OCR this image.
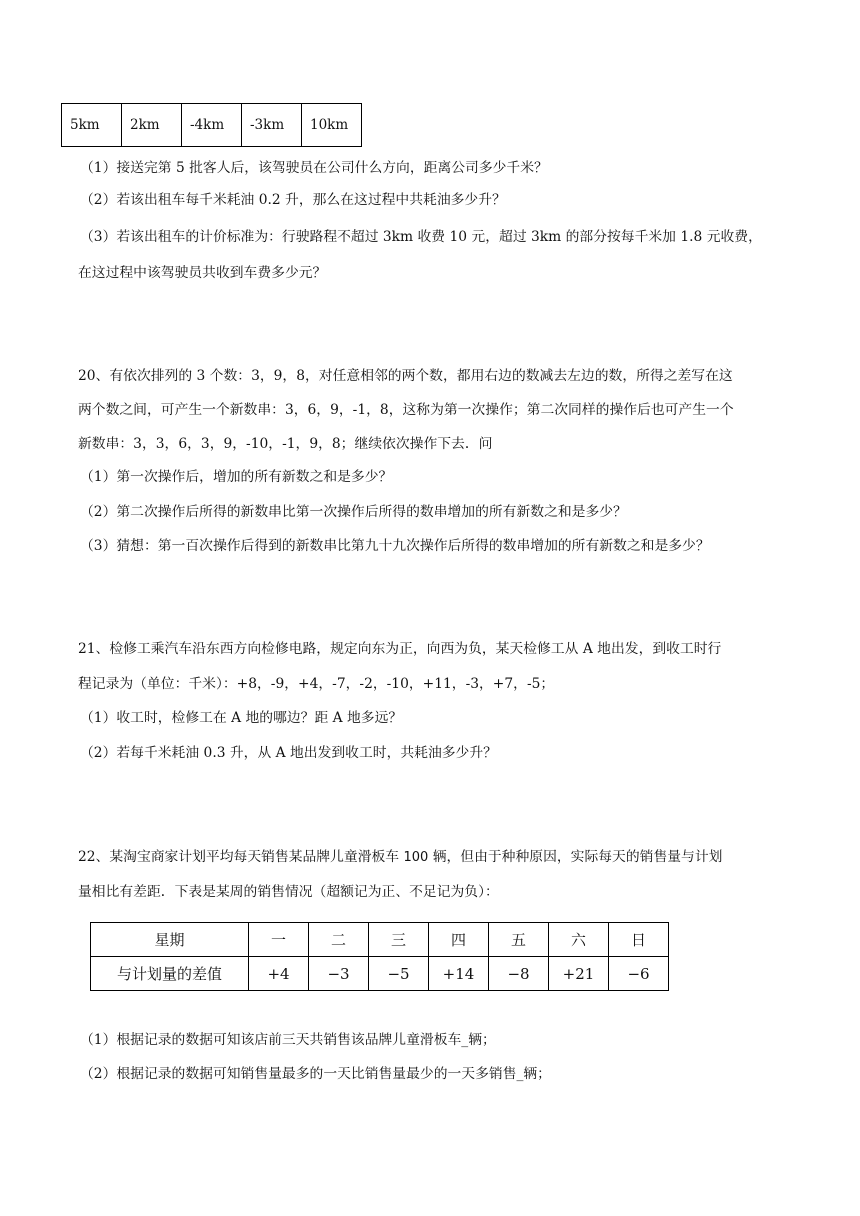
5km	2km	-4km	-3km	10km
（1）接送完第 5 批客人后，该驾驶员在公司什么方向，距离公司多少千米？
（2）若该出租车每千米耗油 0.2 升，那么在这过程中共耗油多少升？
（3）若该出租车的计价标准为：行驶路程不超过 3km 收费 10 元，超过 3km 的部分按每千米加 1.8 元收费，
在这过程中该驾驶员共收到车费多少元？
20、有依次排列的 3 个数：3，9，8，对任意相邻的两个数，都用右边的数减去左边的数，所得之差写在这
两个数之间，可产生一个新数串：3，6，9，-1，8，这称为第一次操作；第二次同样的操作后也可产生一个
新数串：3，3，6，3，9，-10，-1，9，8；继续依次操作下去．问
（1）第一次操作后，增加的所有新数之和是多少？
（2）第二次操作后所得的新数串比第一次操作后所得的数串增加的所有新数之和是多少？
（3）猜想：第一百次操作后得到的新数串比第九十九次操作后所得的数串增加的所有新数之和是多少？
21、检修工乘汽车沿东西方向检修电路，规定向东为正，向西为负，某天检修工从 A 地出发，到收工时行
程记录为（单位：千米）：+8，-9，+4，-7，-2，-10，+11，-3，+7，-5；
（1）收工时，检修工在 A 地的哪边？距 A 地多远？
（2）若每千米耗油 0.3 升，从 A 地出发到收工时，共耗油多少升？
22、某淘宝商家计划平均每天销售某品牌儿童滑板车 100 辆，但由于种种原因，实际每天的销售量与计划
量相比有差距．下表是某周的销售情况（超额记为正、不足记为负）：
星期	一	二	三	四	五	六	日
与计划量的差值	+4	−3	−5	+14	−8	+21	−6
（1）根据记录的数据可知该店前三天共销售该品牌儿童滑板车_辆；
（2）根据记录的数据可知销售量最多的一天比销售量最少的一天多销售_辆；
